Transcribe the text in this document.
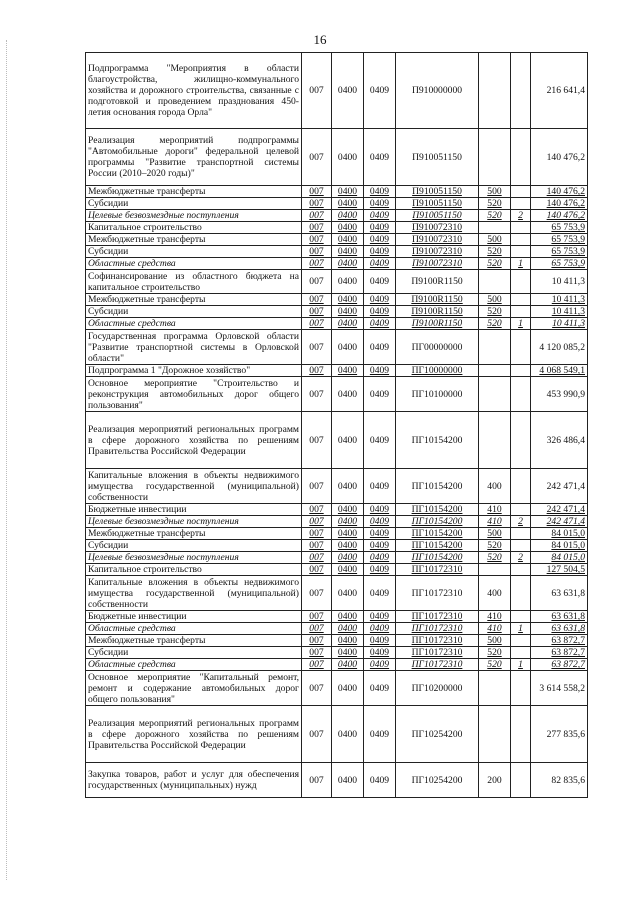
16
Подпрограмма "Мероприятия в области благоустройства, жилищно-коммунального хозяйства и дорожного строительства, связанные с подготовкой и проведением празднования 450-летия основания города Орла"	007	0400	0409	П910000000			216 641,4
Реализация мероприятий подпрограммы "Автомобильные дороги" федеральной целевой программы "Развитие транспортной системы России (2010–2020 годы)"	007	0400	0409	П910051150			140 476,2
Межбюджетные трансферты	007	0400	0409	П910051150	500		140 476,2
Субсидии	007	0400	0409	П910051150	520		140 476,2
Целевые безвозмездные поступления	007	0400	0409	П910051150	520	2	140 476,2
Капитальное строительство	007	0400	0409	П910072310			65 753,9
Межбюджетные трансферты	007	0400	0409	П910072310	500		65 753,9
Субсидии	007	0400	0409	П910072310	520		65 753,9
Областные средства	007	0400	0409	П910072310	520	1	65 753,9
Софинансирование из областного бюджета на капитальное строительство	007	0400	0409	П9100R1150			10 411,3
Межбюджетные трансферты	007	0400	0409	П9100R1150	500		10 411,3
Субсидии	007	0400	0409	П9100R1150	520		10 411,3
Областные средства	007	0400	0409	П9100R1150	520	1	10 411,3
Государственная программа Орловской области "Развитие транспортной системы в Орловской области"	007	0400	0409	ПГ00000000			4 120 085,2
Подпрограмма 1 "Дорожное хозяйство"	007	0400	0409	ПГ10000000			4 068 549,1
Основное мероприятие "Строительство и реконструкция автомобильных дорог общего пользования"	007	0400	0409	ПГ10100000			453 990,9
Реализация мероприятий региональных программ в сфере дорожного хозяйства по решениям Правительства Российской Федерации	007	0400	0409	ПГ10154200			326 486,4
Капитальные вложения в объекты недвижимого имущества государственной (муниципальной) собственности	007	0400	0409	ПГ10154200	400		242 471,4
Бюджетные инвестиции	007	0400	0409	ПГ10154200	410		242 471,4
Целевые безвозмездные поступления	007	0400	0409	ПГ10154200	410	2	242 471,4
Межбюджетные трансферты	007	0400	0409	ПГ10154200	500		84 015,0
Субсидии	007	0400	0409	ПГ10154200	520		84 015,0
Целевые безвозмездные поступления	007	0400	0409	ПГ10154200	520	2	84 015,0
Капитальное строительство	007	0400	0409	ПГ10172310			127 504,5
Капитальные вложения в объекты недвижимого имущества государственной (муниципальной) собственности	007	0400	0409	ПГ10172310	400		63 631,8
Бюджетные инвестиции	007	0400	0409	ПГ10172310	410		63 631,8
Областные средства	007	0400	0409	ПГ10172310	410	1	63 631,8
Межбюджетные трансферты	007	0400	0409	ПГ10172310	500		63 872,7
Субсидии	007	0400	0409	ПГ10172310	520		63 872,7
Областные средства	007	0400	0409	ПГ10172310	520	1	63 872,7
Основное мероприятие "Капитальный ремонт, ремонт и содержание автомобильных дорог общего пользования"	007	0400	0409	ПГ10200000			3 614 558,2
Реализация мероприятий региональных программ в сфере дорожного хозяйства по решениям Правительства Российской Федерации	007	0400	0409	ПГ10254200			277 835,6
Закупка товаров, работ и услуг для обеспечения государственных (муниципальных) нужд	007	0400	0409	ПГ10254200	200		82 835,6
